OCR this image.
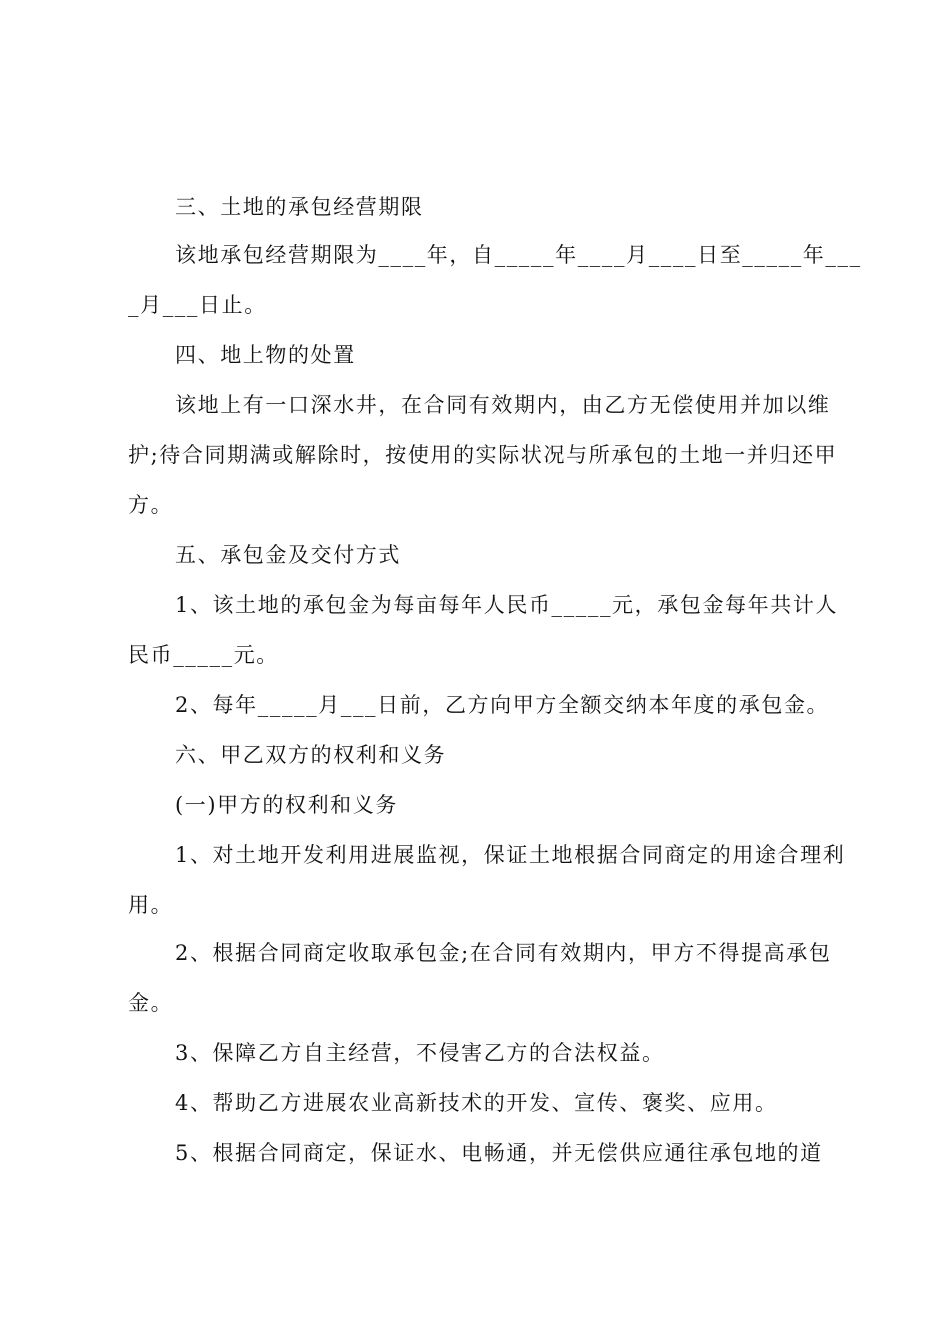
三、土地的承包经营期限
该地承包经营期限为____年，自_____年____月____日至_____年___
_月___日止。
四、地上物的处置
该地上有一口深水井，在合同有效期内，由乙方无偿使用并加以维
护;待合同期满或解除时，按使用的实际状况与所承包的土地一并归还甲
方。
五、承包金及交付方式
1、该土地的承包金为每亩每年人民币_____元，承包金每年共计人
民币_____元。
2、每年_____月___日前，乙方向甲方全额交纳本年度的承包金。
六、甲乙双方的权利和义务
(一)甲方的权利和义务
1、对土地开发利用进展监视，保证土地根据合同商定的用途合理利
用。
2、根据合同商定收取承包金;在合同有效期内，甲方不得提高承包
金。
3、保障乙方自主经营，不侵害乙方的合法权益。
4、帮助乙方进展农业高新技术的开发、宣传、褒奖、应用。
5、根据合同商定，保证水、电畅通，并无偿供应通往承包地的道
